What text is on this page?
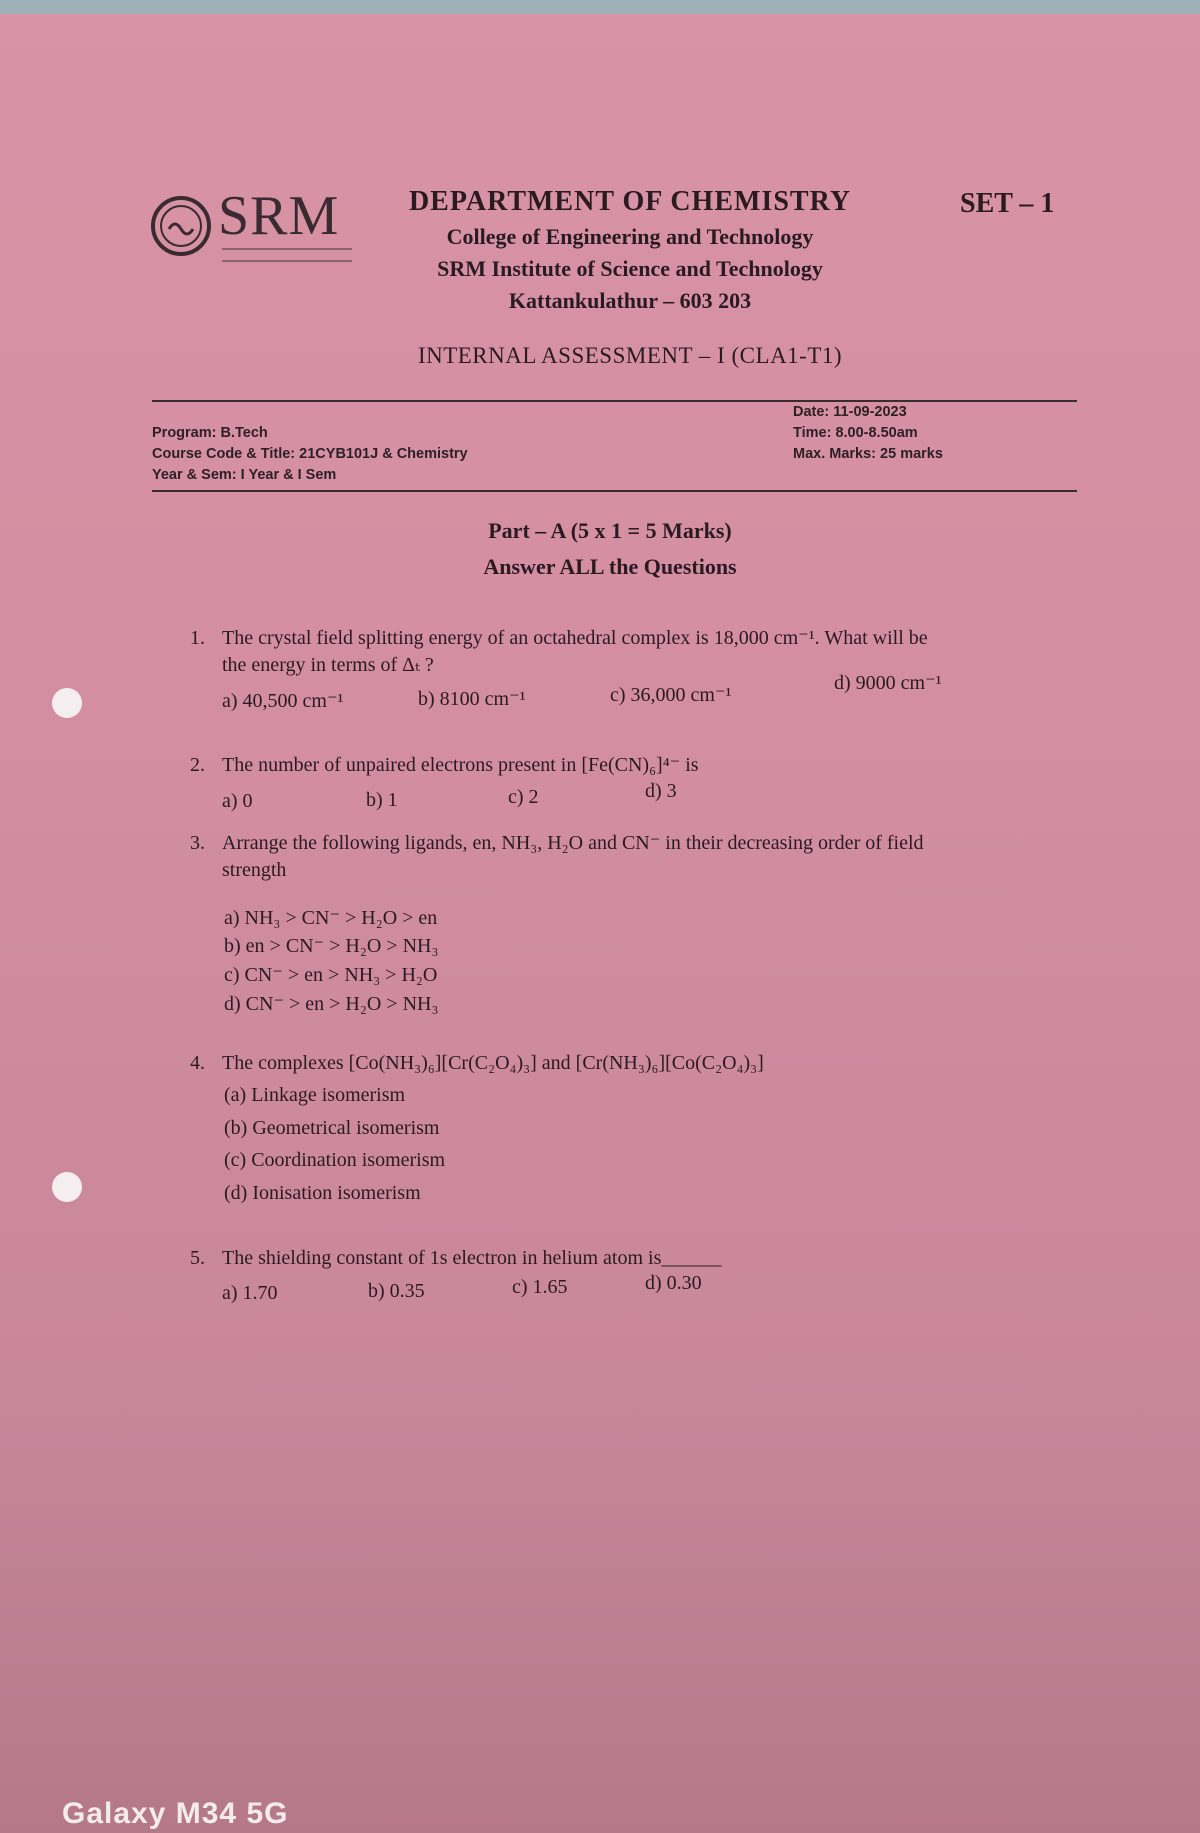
SRM	DEPARTMENT OF CHEMISTRY
College of Engineering and Technology
SRM Institute of Science and Technology
Kattankulathur – 603 203
SET – 1
INTERNAL ASSESSMENT – I (CLA1-T1)
Program: B.Tech
Course Code & Title: 21CYB101J & Chemistry
Year & Sem: I Year & I Sem
Date: 11-09-2023
Time: 8.00-8.50am
Max. Marks: 25 marks
Part – A (5 x 1 = 5 Marks)
Answer ALL the Questions
1. The crystal field splitting energy of an octahedral complex is 18,000 cm⁻¹. What will be
the energy in terms of Δₜ ?
a) 40,500 cm⁻¹	b) 8100 cm⁻¹	c) 36,000 cm⁻¹
d) 9000 cm⁻¹
2. The number of unpaired electrons present in [Fe(CN)₆]⁴⁻ is
a) 0	b) 1	c) 2	d) 3
3. Arrange the following ligands, en, NH₃, H₂O and CN⁻ in their decreasing order of field
strength
a) NH₃ > CN⁻ > H₂O > en
b) en > CN⁻ > H₂O > NH₃
c) CN⁻ > en > NH₃ > H₂O
d) CN⁻ > en > H₂O > NH₃
4. The complexes [Co(NH₃)₆][Cr(C₂O₄)₃] and [Cr(NH₃)₆][Co(C₂O₄)₃]
(a) Linkage isomerism
(b) Geometrical isomerism
(c) Coordination isomerism
(d) Ionisation isomerism
5. The shielding constant of 1s electron in helium atom is______
a) 1.70	b) 0.35	c) 1.65	d) 0.30
Galaxy M34 5G
